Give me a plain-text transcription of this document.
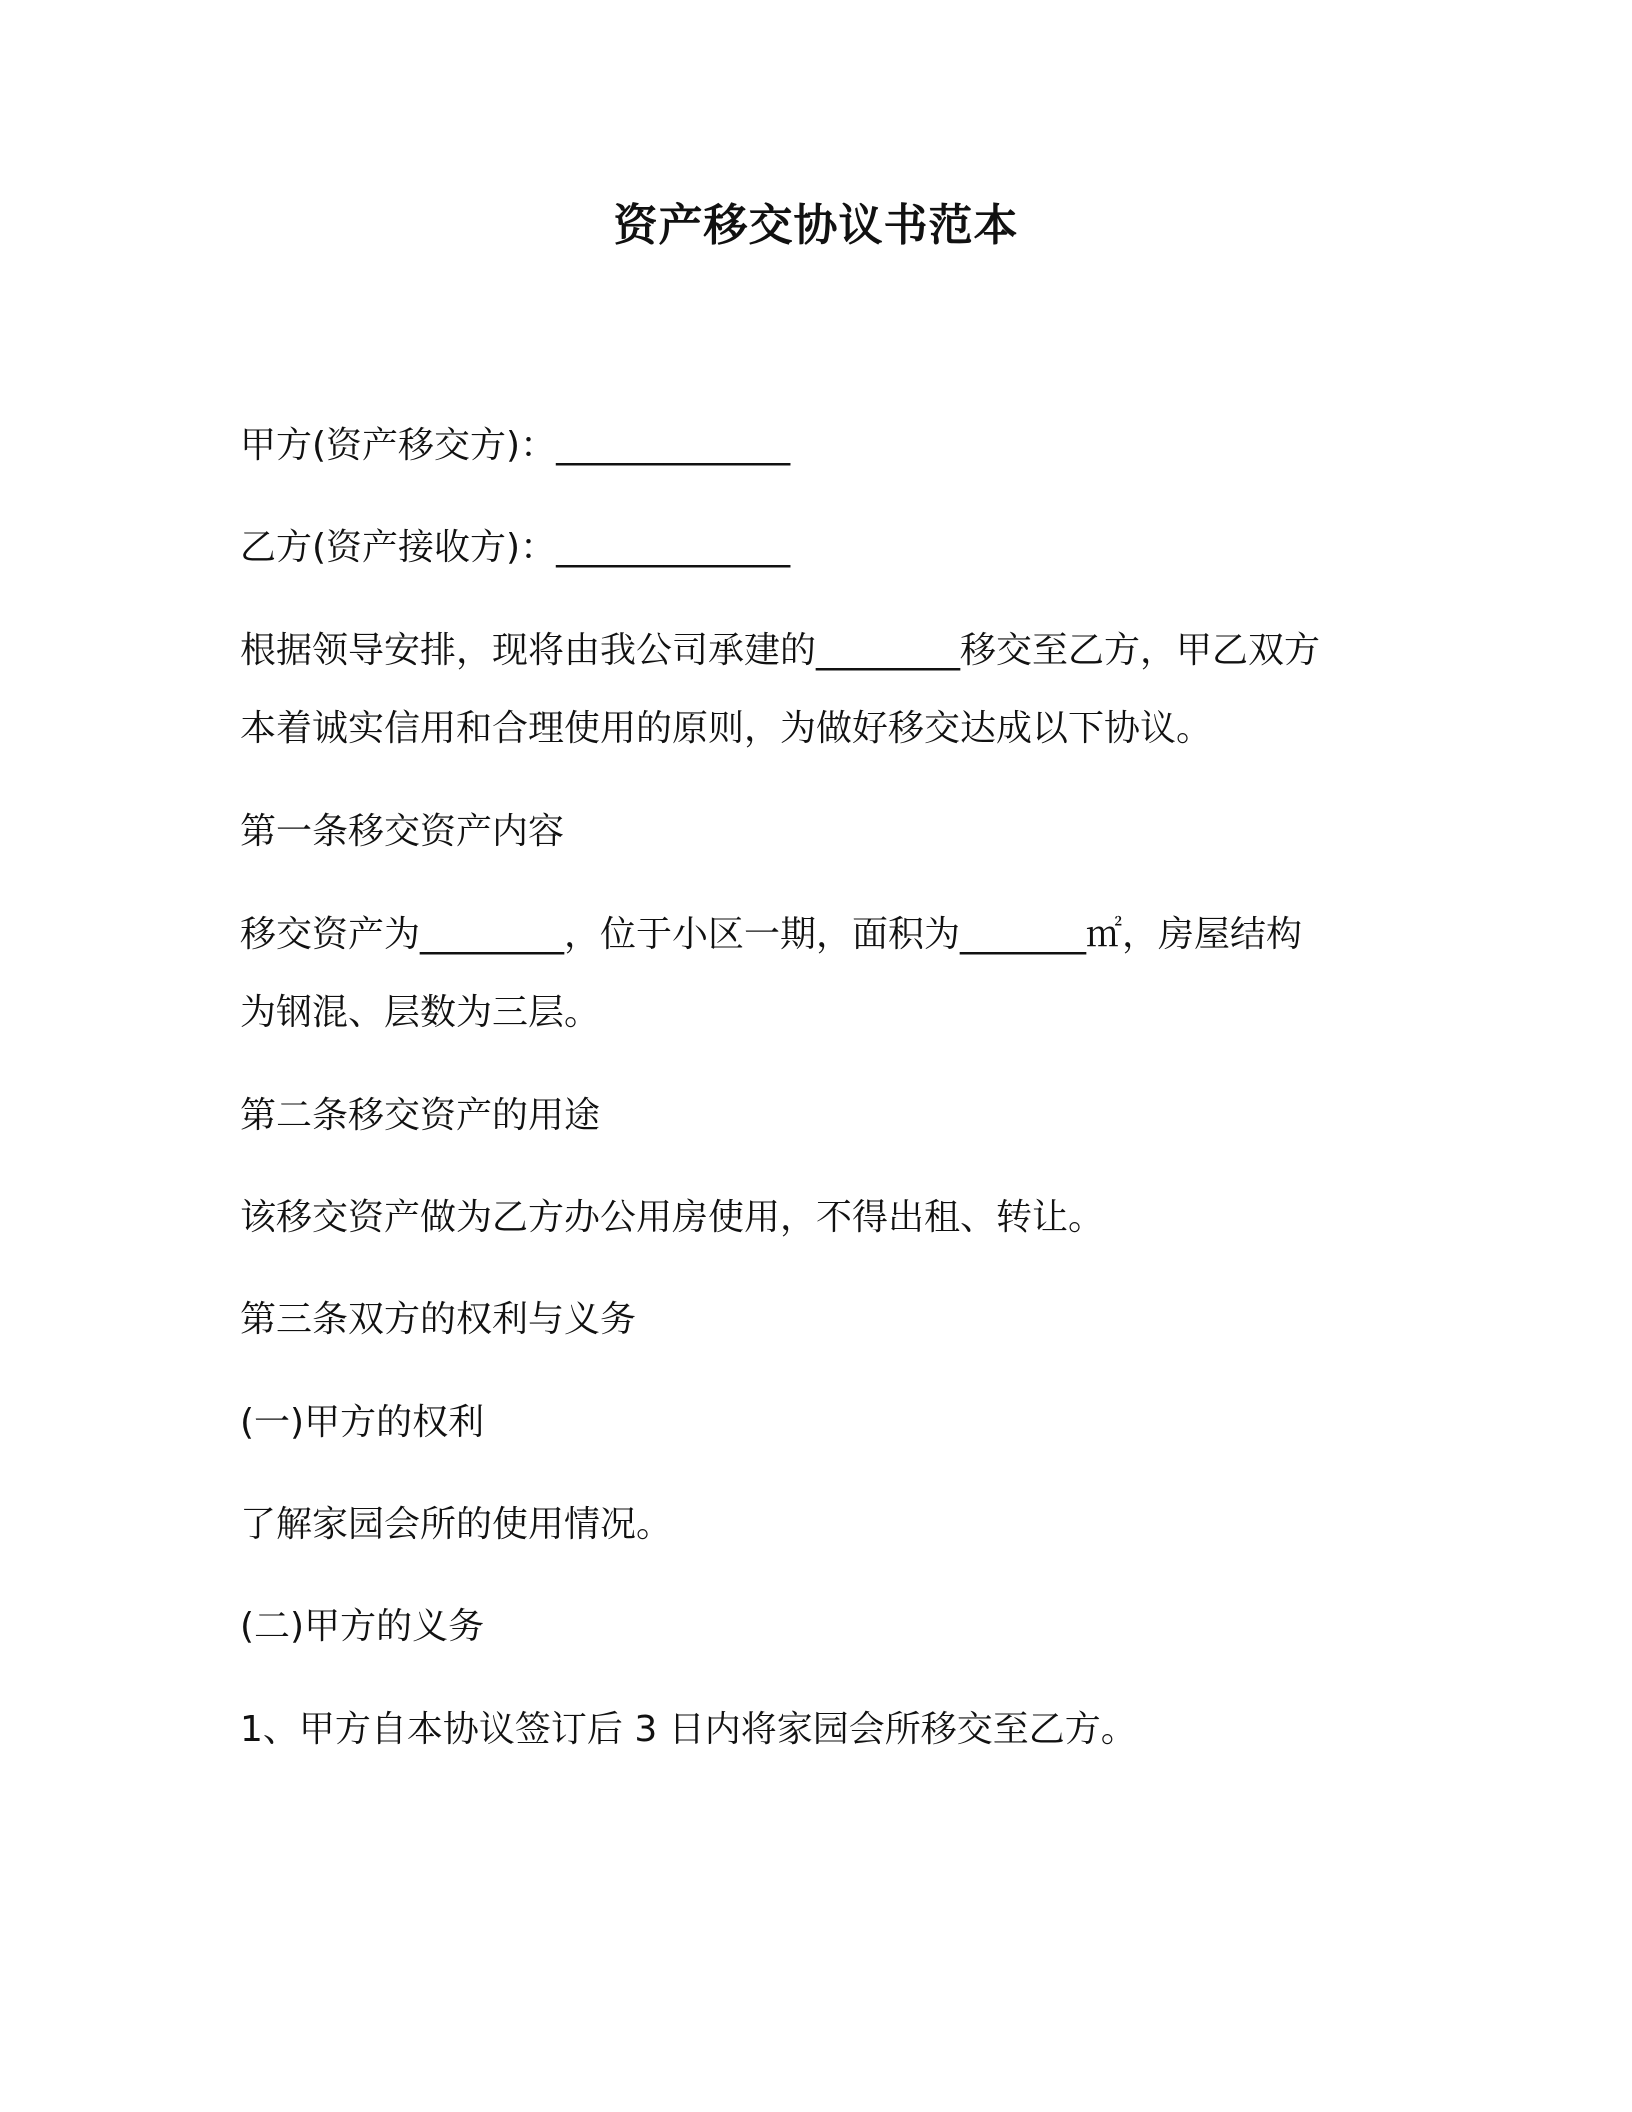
资产移交协议书范本
甲方(资产移交方)：_____________
乙方(资产接收方)：_____________
根据领导安排，现将由我公司承建的________移交至乙方，甲乙双方
本着诚实信用和合理使用的原则，为做好移交达成以下协议。
第一条移交资产内容
移交资产为________，位于小区一期，面积为_______㎡，房屋结构
为钢混、层数为三层。
第二条移交资产的用途
该移交资产做为乙方办公用房使用，不得出租、转让。
第三条双方的权利与义务
(一)甲方的权利
了解家园会所的使用情况。
(二)甲方的义务
1、甲方自本协议签订后 3 日内将家园会所移交至乙方。
